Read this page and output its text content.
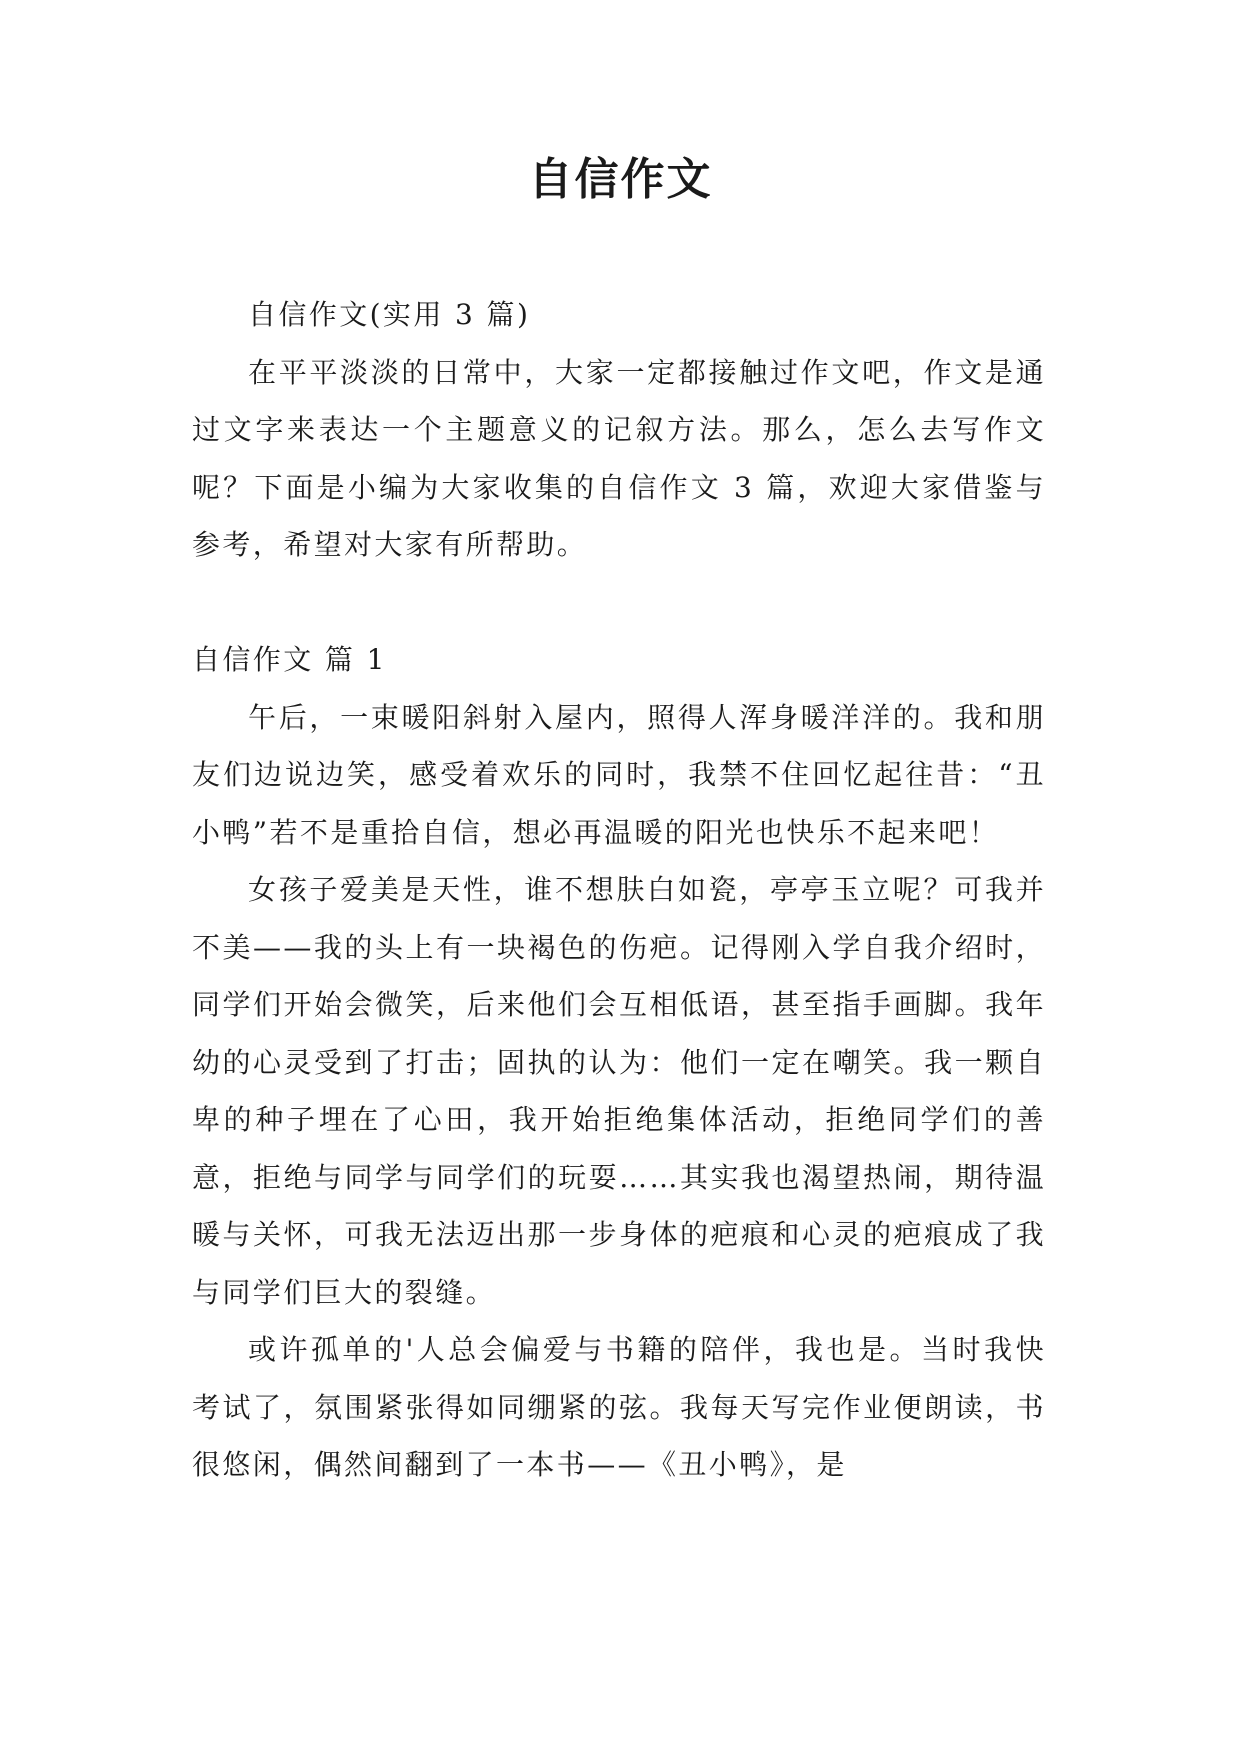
自信作文

自信作文(实用 3 篇)

在平平淡淡的日常中，大家一定都接触过作文吧，作文是通过文字来表达一个主题意义的记叙方法。那么，怎么去写作文呢？下面是小编为大家收集的自信作文 3 篇，欢迎大家借鉴与参考，希望对大家有所帮助。

自信作文 篇 1

午后，一束暖阳斜射入屋内，照得人浑身暖洋洋的。我和朋友们边说边笑，感受着欢乐的同时，我禁不住回忆起往昔：“丑小鸭”若不是重拾自信，想必再温暖的阳光也快乐不起来吧！

女孩子爱美是天性，谁不想肤白如瓷，亭亭玉立呢？可我并不美——我的头上有一块褐色的伤疤。记得刚入学自我介绍时，同学们开始会微笑，后来他们会互相低语，甚至指手画脚。我年幼的心灵受到了打击；固执的认为：他们一定在嘲笑。我一颗自卑的种子埋在了心田，我开始拒绝集体活动，拒绝同学们的善意，拒绝与同学与同学们的玩耍……其实我也渴望热闹，期待温暖与关怀，可我无法迈出那一步身体的疤痕和心灵的疤痕成了我与同学们巨大的裂缝。

或许孤单的'人总会偏爱与书籍的陪伴，我也是。当时我快考试了，氛围紧张得如同绷紧的弦。我每天写完作业便朗读，书很悠闲，偶然间翻到了一本书——《丑小鸭》，是
